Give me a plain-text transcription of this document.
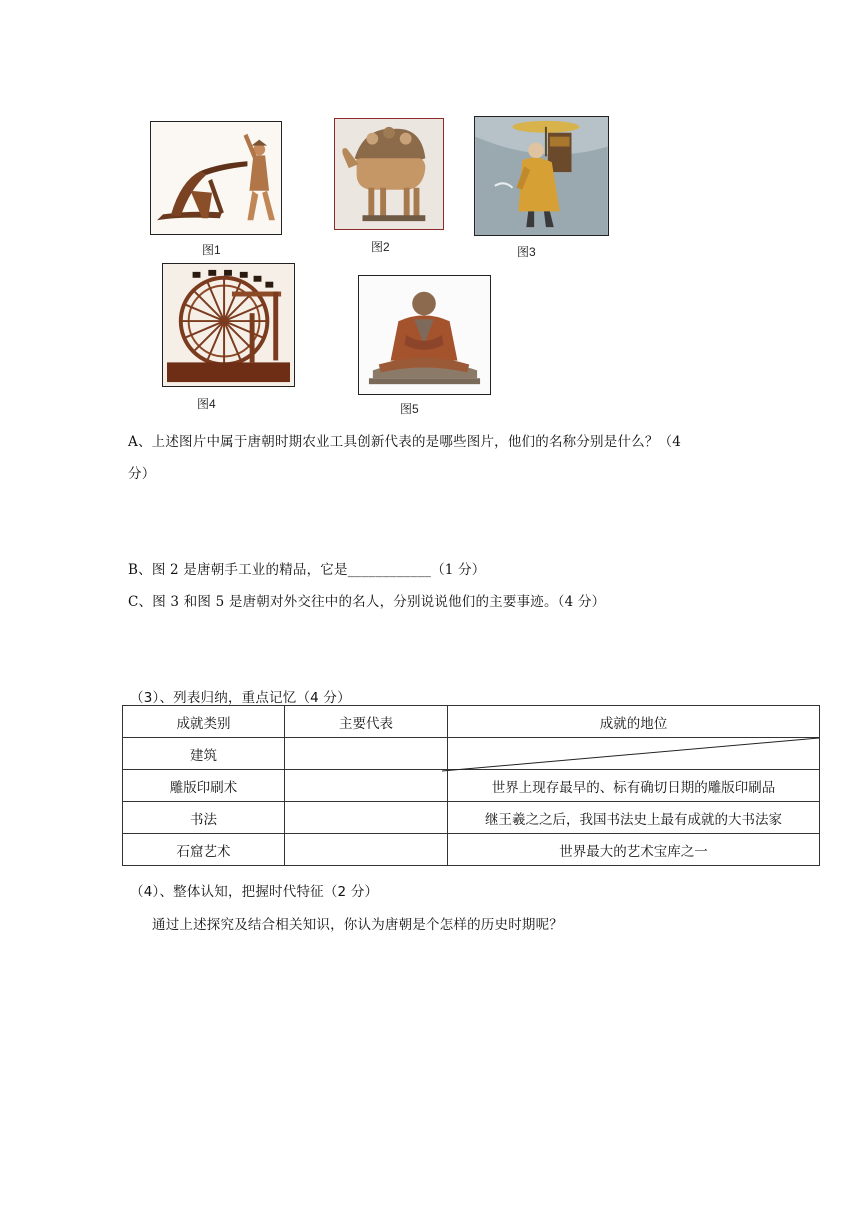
图1	图2	图3
图4	图5
A、上述图片中属于唐朝时期农业工具创新代表的是哪些图片，他们的名称分别是什么？（4
分）
B、图 2 是唐朝手工业的精品，它是____________（1 分）
C、图 3 和图 5 是唐朝对外交往中的名人，分别说说他们的主要事迹。（4 分）
（3）、列表归纳，重点记忆（4 分）
成就类别	主要代表	成就的地位
建筑		
雕版印刷术		世界上现存最早的、标有确切日期的雕版印刷品
书法		继王羲之之后，我国书法史上最有成就的大书法家
石窟艺术		世界最大的艺术宝库之一
（4）、整体认知，把握时代特征（2 分）
通过上述探究及结合相关知识，你认为唐朝是个怎样的历史时期呢？
